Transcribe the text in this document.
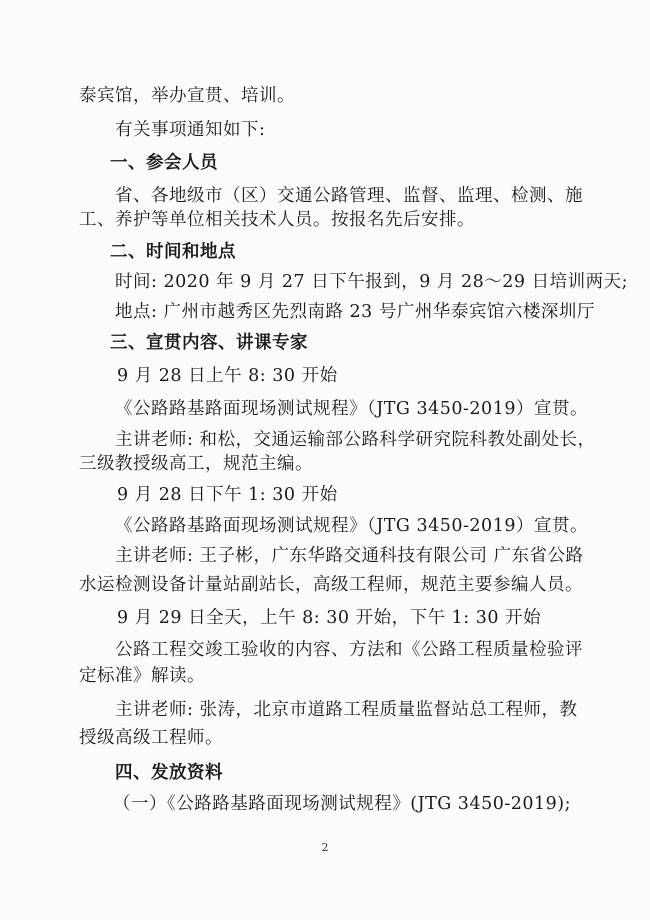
泰宾馆，举办宣贯、培训。
有关事项通知如下:
一、参会人员
省、各地级市（区）交通公路管理、监督、监理、检测、施
工、养护等单位相关技术人员。按报名先后安排。
二、时间和地点
时间: 2020 年 9 月 27 日下午报到，9 月 28～29 日培训两天;
地点: 广州市越秀区先烈南路 23 号广州华泰宾馆六楼深圳厅
三、宣贯内容、讲课专家
9 月 28 日上午 8: 30 开始
《公路路基路面现场测试规程》（JTG 3450-2019）宣贯。
主讲老师: 和松，交通运输部公路科学研究院科教处副处长，
三级教授级高工，规范主编。
9 月 28 日下午 1: 30 开始
《公路路基路面现场测试规程》（JTG 3450-2019）宣贯。
主讲老师: 王子彬，广东华路交通科技有限公司 广东省公路
水运检测设备计量站副站长，高级工程师，规范主要参编人员。
9 月 29 日全天，上午 8: 30 开始，下午 1: 30 开始
公路工程交竣工验收的内容、方法和《公路工程质量检验评
定标准》解读。
主讲老师: 张涛，北京市道路工程质量监督站总工程师，教
授级高级工程师。
四、发放资料
（一）《公路路基路面现场测试规程》(JTG 3450-2019);
2
